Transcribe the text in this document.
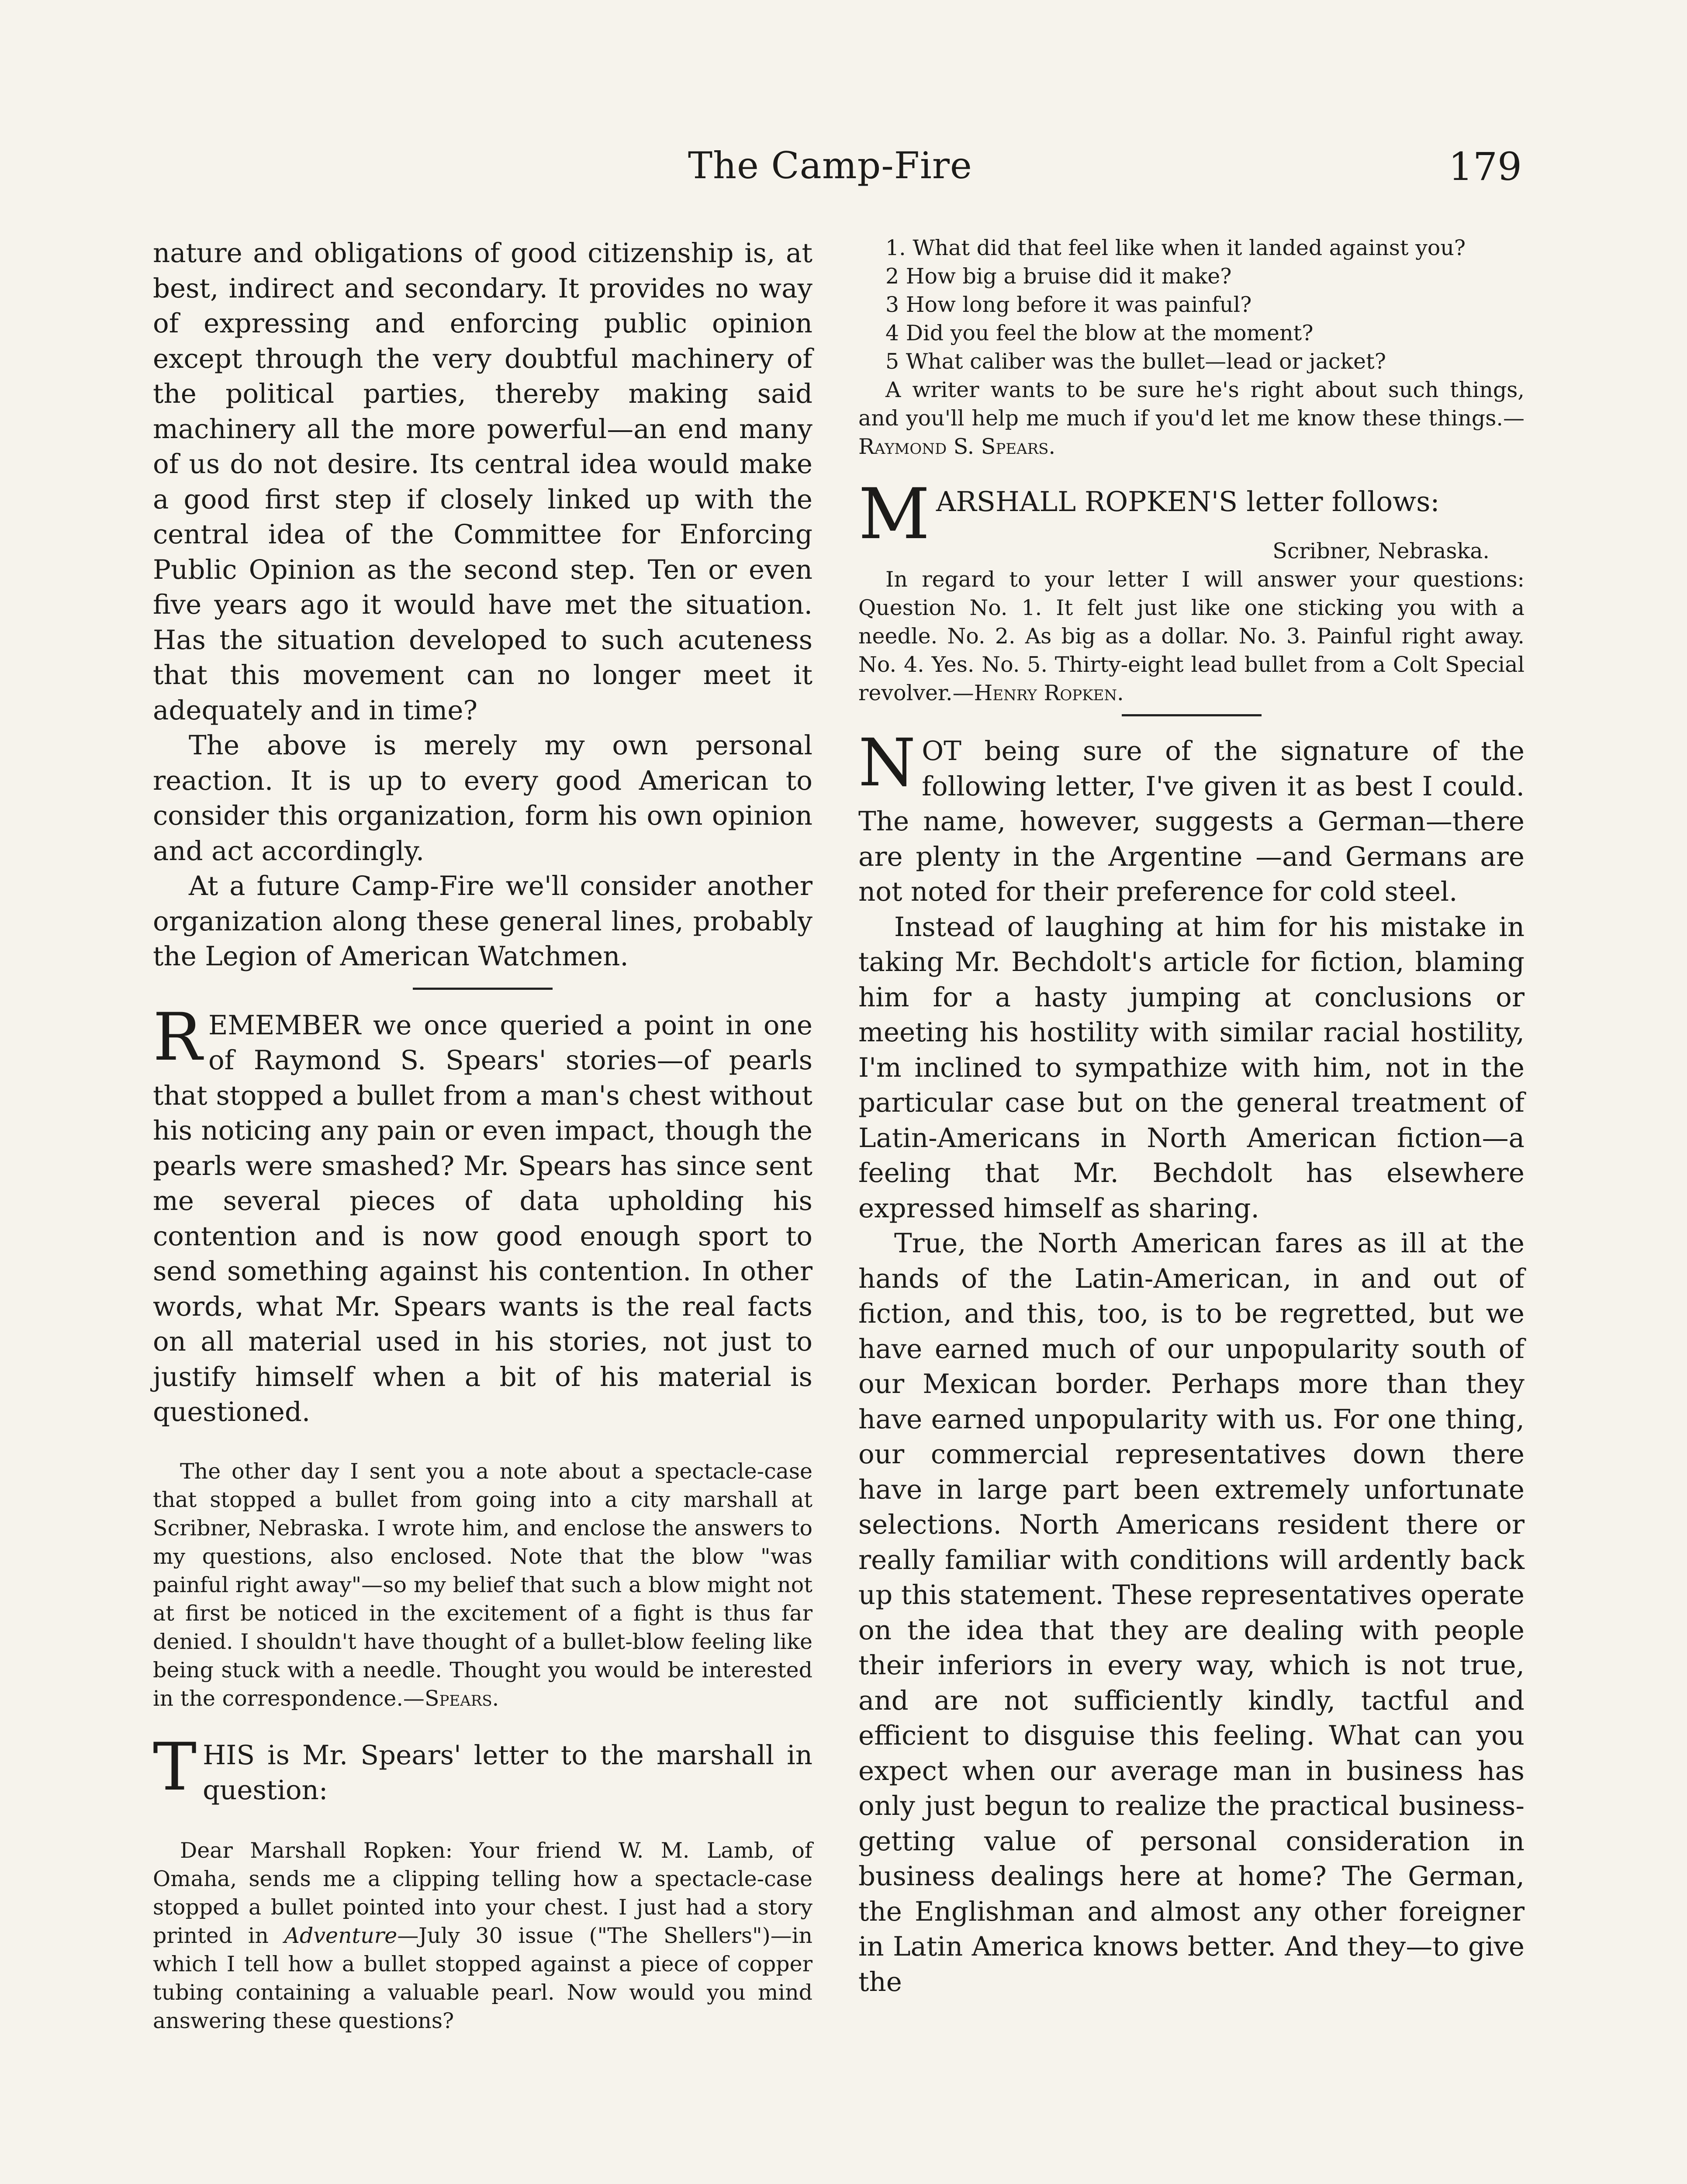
The Camp-Fire	179

nature and obligations of good citizenship is, at best, indirect and secondary. It provides no way of expressing and enforcing public opinion except through the very doubtful machinery of the political parties, thereby making said machinery all the more powerful—an end many of us do not desire. Its central idea would make a good first step if closely linked up with the central idea of the Committee for Enforcing Public Opinion as the second step. Ten or even five years ago it would have met the situation. Has the situation developed to such acuteness that this movement can no longer meet it adequately and in time?

The above is merely my own personal reaction. It is up to every good American to consider this organization, form his own opinion and act accordingly.

At a future Camp-Fire we'll consider another organization along these general lines, probably the Legion of American Watchmen.

REMEMBER we once queried a point in one of Raymond S. Spears' stories—of pearls that stopped a bullet from a man's chest without his noticing any pain or even impact, though the pearls were smashed? Mr. Spears has since sent me several pieces of data upholding his contention and is now good enough sport to send something against his contention. In other words, what Mr. Spears wants is the real facts on all material used in his stories, not just to justify himself when a bit of his material is questioned.

The other day I sent you a note about a spectacle-case that stopped a bullet from going into a city marshall at Scribner, Nebraska. I wrote him, and enclose the answers to my questions, also enclosed. Note that the blow "was painful right away"—so my belief that such a blow might not at first be noticed in the excitement of a fight is thus far denied. I shouldn't have thought of a bullet-blow feeling like being stuck with a needle. Thought you would be interested in the correspondence.—Spears.

THIS is Mr. Spears' letter to the marshall in question:

Dear Marshall Ropken: Your friend W. M. Lamb, of Omaha, sends me a clipping telling how a spectacle-case stopped a bullet pointed into your chest. I just had a story printed in Adventure—July 30 issue ("The Shellers")—in which I tell how a bullet stopped against a piece of copper tubing containing a valuable pearl. Now would you mind answering these questions?

1. What did that feel like when it landed against you?

2 How big a bruise did it make?

3 How long before it was painful?

4 Did you feel the blow at the moment?

5 What caliber was the bullet—lead or jacket?

A writer wants to be sure he's right about such things, and you'll help me much if you'd let me know these things.—Raymond S. Spears.

MARSHALL ROPKEN'S letter follows:

Scribner, Nebraska.

In regard to your letter I will answer your questions: Question No. 1. It felt just like one sticking you with a needle. No. 2. As big as a dollar. No. 3. Painful right away. No. 4. Yes. No. 5. Thirty-eight lead bullet from a Colt Special revolver.—Henry Ropken.

NOT being sure of the signature of the following letter, I've given it as best I could. The name, however, suggests a German—there are plenty in the Argentine —and Germans are not noted for their preference for cold steel.

Instead of laughing at him for his mistake in taking Mr. Bechdolt's article for fiction, blaming him for a hasty jumping at conclusions or meeting his hostility with similar racial hostility, I'm inclined to sympathize with him, not in the particular case but on the general treatment of Latin-Americans in North American fiction—a feeling that Mr. Bechdolt has elsewhere expressed himself as sharing.

True, the North American fares as ill at the hands of the Latin-American, in and out of fiction, and this, too, is to be regretted, but we have earned much of our unpopularity south of our Mexican border. Perhaps more than they have earned unpopularity with us. For one thing, our commercial representatives down there have in large part been extremely unfortunate selections. North Americans resident there or really familiar with conditions will ardently back up this statement. These representatives operate on the idea that they are dealing with people their inferiors in every way, which is not true, and are not sufficiently kindly, tactful and efficient to disguise this feeling. What can you expect when our average man in business has only just begun to realize the practical business-getting value of personal consideration in business dealings here at home? The German, the Englishman and almost any other foreigner in Latin America knows better. And they—to give the
